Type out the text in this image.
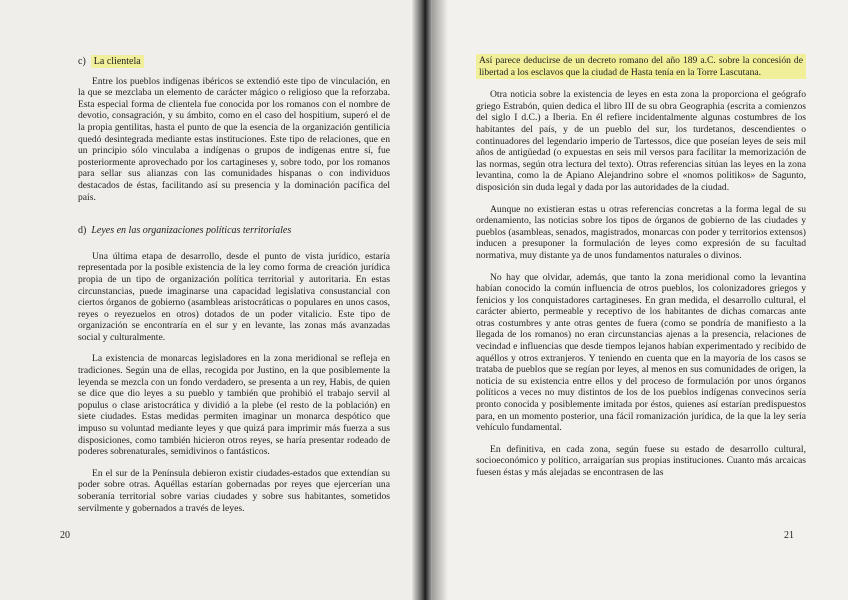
c) La clientela

Entre los pueblos indígenas ibéricos se extendió este tipo de vinculación, en la que se mezclaba un elemento de carácter mágico o religioso que la reforzaba. Esta especial forma de clientela fue conocida por los romanos con el nombre de devotio, consagración, y su ámbito, como en el caso del hospitium, superó el de la propia gentilitas, hasta el punto de que la esencia de la organización gentilicia quedó desintegrada mediante estas instituciones. Este tipo de relaciones, que en un principio sólo vinculaba a indígenas o grupos de indígenas entre sí, fue posteriormente aprovechado por los cartagineses y, sobre todo, por los romanos para sellar sus alianzas con las comunidades hispanas o con individuos destacados de éstas, facilitando así su presencia y la dominación pacífica del país.

d) Leyes en las organizaciones políticas territoriales

Una última etapa de desarrollo, desde el punto de vista jurídico, estaría representada por la posible existencia de la ley como forma de creación jurídica propia de un tipo de organización política territorial y autoritaria. En estas circunstancias, puede imaginarse una capacidad legislativa consustancial con ciertos órganos de gobierno (asambleas aristocráticas o populares en unos casos, reyes o reyezuelos en otros) dotados de un poder vitalicio. Este tipo de organización se encontraría en el sur y en levante, las zonas más avanzadas social y culturalmente.

La existencia de monarcas legisladores en la zona meridional se refleja en tradiciones. Según una de ellas, recogida por Justino, en la que posiblemente la leyenda se mezcla con un fondo verdadero, se presenta a un rey, Habis, de quien se dice que dio leyes a su pueblo y también que prohibió el trabajo servil al populus o clase aristocrática y dividió a la plebe (el resto de la población) en siete ciudades. Estas medidas permiten imaginar un monarca despótico que impuso su voluntad mediante leyes y que quizá para imprimir más fuerza a sus disposiciones, como también hicieron otros reyes, se haría presentar rodeado de poderes sobrenaturales, semidivinos o fantásticos.

En el sur de la Península debieron existir ciudades-estados que extendían su poder sobre otras. Aquéllas estarían gobernadas por reyes que ejercerían una soberanía territorial sobre varias ciudades y sobre sus habitantes, sometidos servilmente y gobernados a través de leyes.

20

Así parece deducirse de un decreto romano del año 189 a.C. sobre la concesión de libertad a los esclavos que la ciudad de Hasta tenía en la Torre Lascutana.

Otra noticia sobre la existencia de leyes en esta zona la proporciona el geógrafo griego Estrabón, quien dedica el libro III de su obra Geographia (escrita a comienzos del siglo I d.C.) a Iberia. En él refiere incidentalmente algunas costumbres de los habitantes del país, y de un pueblo del sur, los turdetanos, descendientes o continuadores del legendario imperio de Tartessos, dice que poseían leyes de seis mil años de antigüedad (o expuestas en seis mil versos para facilitar la memorización de las normas, según otra lectura del texto). Otras referencias sitúan las leyes en la zona levantina, como la de Apiano Alejandrino sobre el «nomos politikos» de Sagunto, disposición sin duda legal y dada por las autoridades de la ciudad.

Aunque no existieran estas u otras referencias concretas a la forma legal de su ordenamiento, las noticias sobre los tipos de órganos de gobierno de las ciudades y pueblos (asambleas, senados, magistrados, monarcas con poder y territorios extensos) inducen a presuponer la formulación de leyes como expresión de su facultad normativa, muy distante ya de unos fundamentos naturales o divinos.

No hay que olvidar, además, que tanto la zona meridional como la levantina habían conocido la común influencia de otros pueblos, los colonizadores griegos y fenicios y los conquistadores cartagineses. En gran medida, el desarrollo cultural, el carácter abierto, permeable y receptivo de los habitantes de dichas comarcas ante otras costumbres y ante otras gentes de fuera (como se pondría de manifiesto a la llegada de los romanos) no eran circunstancias ajenas a la presencia, relaciones de vecindad e influencias que desde tiempos lejanos habían experimentado y recibido de aquéllos y otros extranjeros. Y teniendo en cuenta que en la mayoría de los casos se trataba de pueblos que se regían por leyes, al menos en sus comunidades de origen, la noticia de su existencia entre ellos y del proceso de formulación por unos órganos políticos a veces no muy distintos de los de los pueblos indígenas convecinos sería pronto conocida y posiblemente imitada por éstos, quienes así estarían predispuestos para, en un momento posterior, una fácil romanización jurídica, de la que la ley sería vehículo fundamental.

En definitiva, en cada zona, según fuese su estado de desarrollo cultural, socioeconómico y político, arraigarían sus propias instituciones. Cuanto más arcaicas fuesen éstas y más alejadas se encontrasen de las

21
